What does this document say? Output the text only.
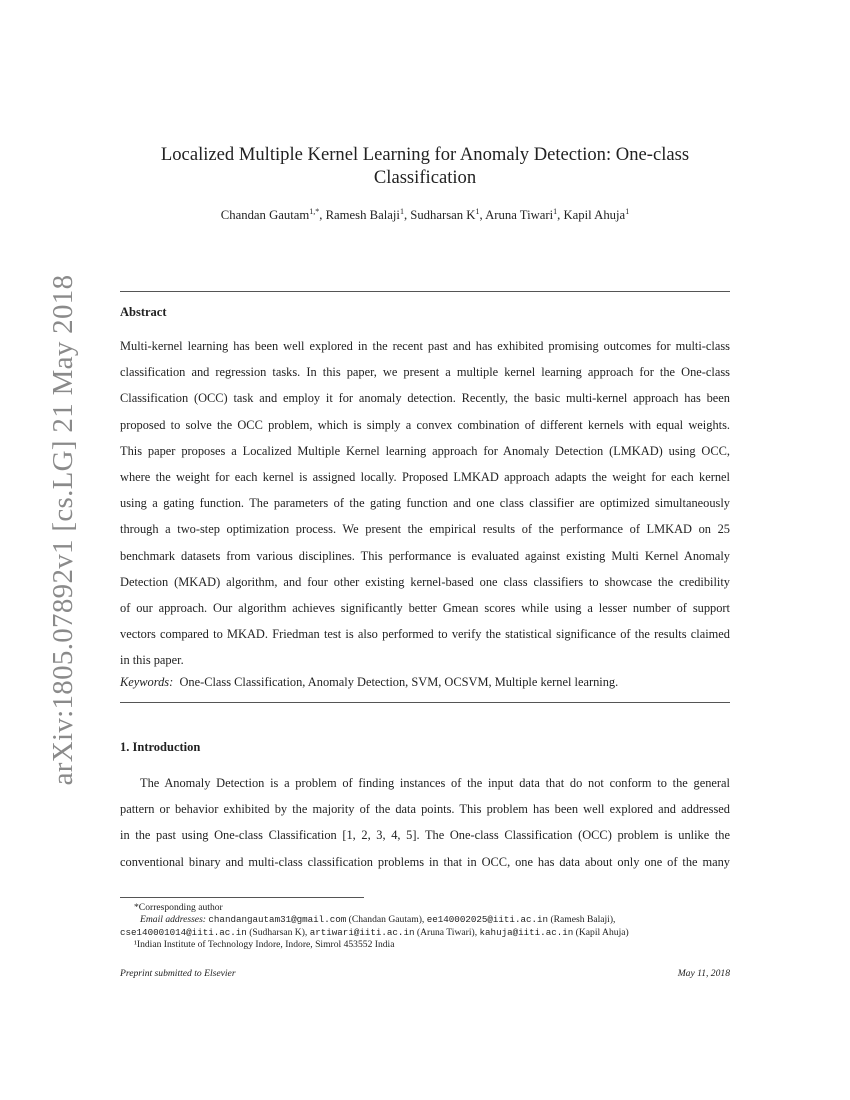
arXiv:1805.07892v1 [cs.LG] 21 May 2018
Localized Multiple Kernel Learning for Anomaly Detection: One-class
Classification
Chandan Gautam$^{1,*}$, Ramesh Balaji$^1$, Sudharsan $K^1$, Aruna Tiwari$^1$, Kapil Ahuja$^1$
Abstract
Multi-kernel learning has been well explored in the recent past and has exhibited promising outcomes for multi-class
classification and regression tasks. In this paper, we present a multiple kernel learning approach for the One-class
Classification (OCC) task and employ it for anomaly detection. Recently, the basic multi-kernel approach has been
proposed to solve the OCC problem, which is simply a convex combination of different kernels with equal weights.
This paper proposes a Localized Multiple Kernel learning approach for Anomaly Detection (LMKAD) using OCC,
where the weight for each kernel is assigned locally. Proposed LMKAD approach adapts the weight for each kernel
using a gating function. The parameters of the gating function and one class classifier are optimized simultaneously
through a two-step optimization process. We present the empirical results of the performance of LMKAD on 25
benchmark datasets from various disciplines. This performance is evaluated against existing Multi Kernel Anomaly
Detection (MKAD) algorithm, and four other existing kernel-based one class classifiers to showcase the credibility
of our approach. Our algorithm achieves significantly better Gmean scores while using a lesser number of support
vectors compared to MKAD. Friedman test is also performed to verify the statistical significance of the results claimed
in this paper.
Keywords: One-Class Classification, Anomaly Detection, SVM, OCSVM, Multiple kernel learning.
1. Introduction
The Anomaly Detection is a problem of finding instances of the input data that do not conform to the general
pattern or behavior exhibited by the majority of the data points. This problem has been well explored and addressed
in the past using One-class Classification [1, 2, 3, 4, 5]. The One-class Classification (OCC) problem is unlike the
conventional binary and multi-class classification problems in that in OCC, one has data about only one of the many
*Corresponding author
Email addresses: chandangautam31@gmail.com (Chandan Gautam), ee140002025@iiti.ac.in (Ramesh Balaji),
cse140001014@iiti.ac.in (Sudharsan K), artiwari@iiti.ac.in (Aruna Tiwari), kahuja@iiti.ac.in (Kapil Ahuja)
¹Indian Institute of Technology Indore, Indore, Simrol 453552 India
Preprint submitted to Elsevier	May 11, 2018
